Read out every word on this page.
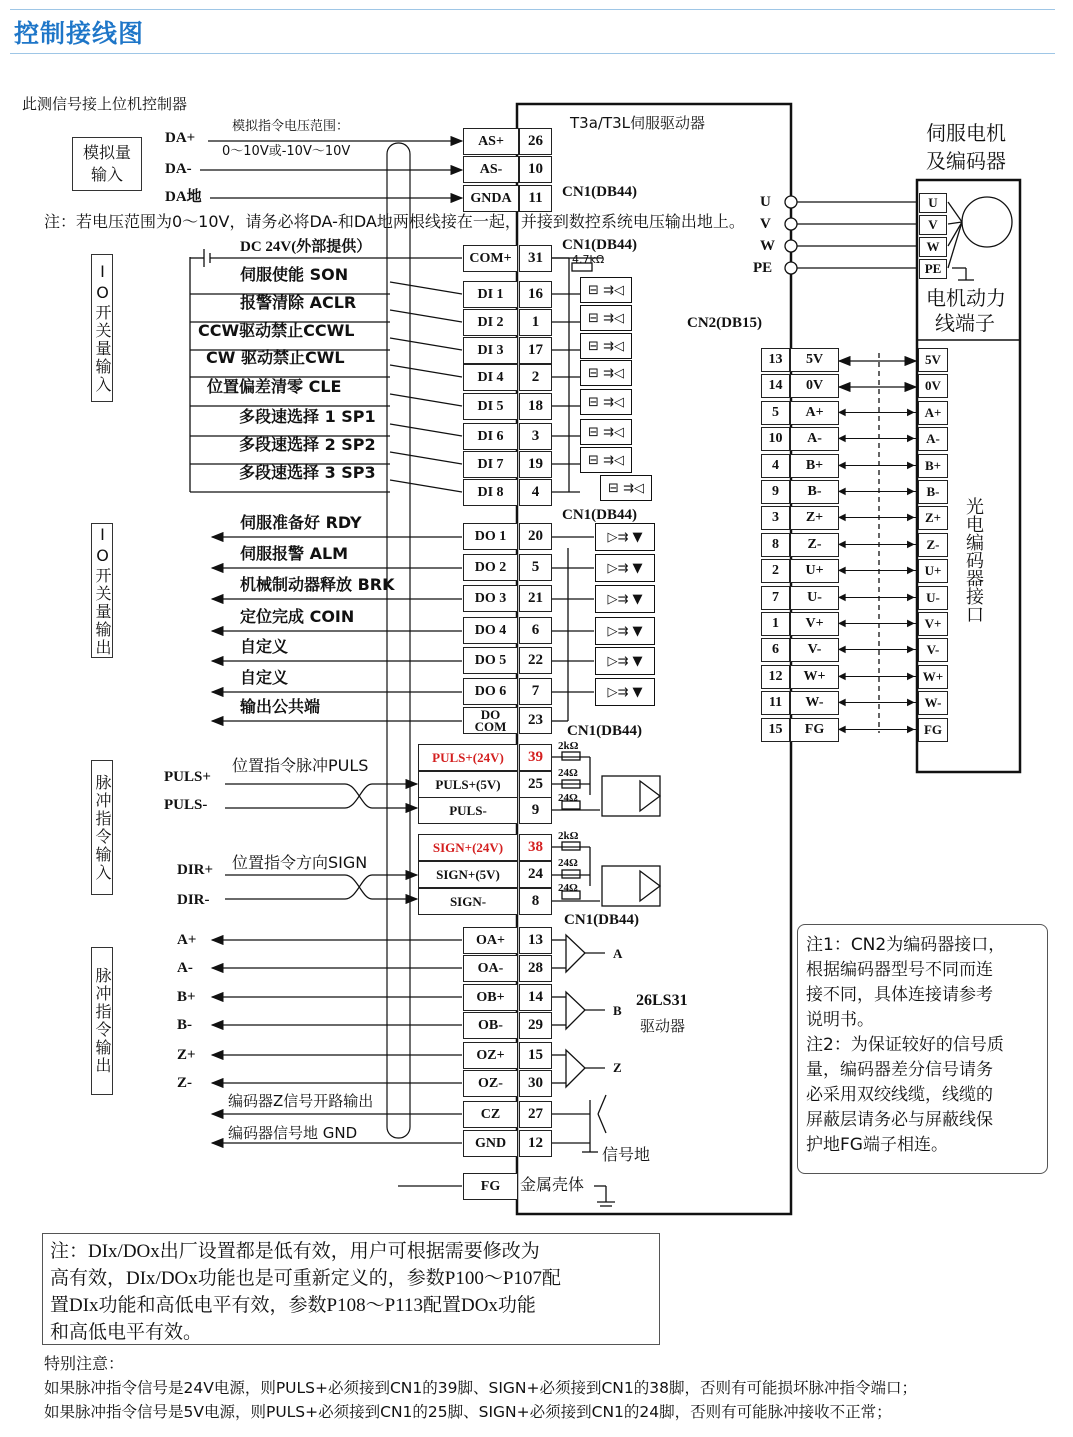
控制接线图
此测信号接上位机控制器
T3a/T3L伺服驱动器	伺服电机
及编码器
电机动力
线端子
U
V
W
PE
U
V
W
PE
模拟量输入
DA+
DA-
DA地
模拟指令电压范围：
0～10V或-10V～10V
CN1(DB44)
注：若电压范围为0～10V，请务必将DA-和DA地两根线接在一起，并接到数控系统电压输出地上。
AS+	26
AS-	10
GNDA	11
IO开关量输入
DC 24V(外部提供）	CN1(DB44)
4.7kΩ
COM+	31
伺服使能 SON
DI 1	16	⊟ ⇉◁
报警清除 ACLR
DI 2	1	⊟ ⇉◁
CCW驱动禁止CCWL
DI 3	17	⊟ ⇉◁
CW 驱动禁止CWL
DI 4	2	⊟ ⇉◁
位置偏差清零 CLE
DI 5	18	⊟ ⇉◁
多段速选择 1 SP1
DI 6	3	⊟ ⇉◁
多段速选择 2 SP2
DI 7	19	⊟ ⇉◁
多段速选择 3 SP3
DI 8	4	⊟ ⇉◁
IO开关量输出
CN1(DB44)
伺服准备好 RDY
DO 1	20	▷⇉ ▼
伺服报警 ALM
DO 2	5	▷⇉ ▼
机械制动器释放 BRK
DO 3	21	▷⇉ ▼
定位完成 COIN
DO 4	6	▷⇉ ▼
自定义
DO 5	22	▷⇉ ▼
自定义
DO 6	7	▷⇉ ▼
输出公共端	DO COM	23
脉冲指令输入
CN1(DB44)
位置指令脉冲PULS
PULS+
PULS-
位置指令方向SIGN
DIR+
DIR-
2kΩ
24Ω
24Ω
2kΩ
24Ω
24Ω
PULS+(24V)	39
PULS+(5V)	25
PULS-	9
SIGN+(24V)	38
SIGN+(5V)	24
SIGN-	8
脉冲指令输出
CN1(DB44)
A+
A-
B+
B-
Z+
Z-
OA+	13
OA-	28
OB+	14
OB-	29
OZ+	15
OZ-	30
CZ	27
GND	12
FG
A
B
Z
26LS31
驱动器
编码器Z信号开路输出
编码器信号地 GND
信号地
金属壳体
CN2(DB15)
13	5V	5V
14	0V	0V
5	A+	A+
◀	▶
10	A-	A-
◀	▶
4	B+	B+
◀	▶
9	B-	B-
◀	▶
3	Z+	Z+
◀	▶
8	Z-	Z-
◀	▶
2	U+	U+
◀	▶
7	U-	U-
◀	▶
1	V+	V+
◀	▶
6	V-	V-
◀	▶
12	W+	W+
◀	▶
11	W-	W-
◀	▶
15	FG	FG
◀	▶
光电编码器接口
注1：CN2为编码器接口，
根据编码器型号不同而连
接不同，具体连接请参考
说明书。
注2：为保证较好的信号质
量，编码器差分信号请务
必采用双绞线缆，线缆的
屏蔽层请务必与屏蔽线保
护地FG端子相连。
注：DIx/DOx出厂设置都是低有效，用户可根据需要修改为
高有效，DIx/DOx功能也是可重新定义的，参数P100～P107配
置DIx功能和高低电平有效，参数P108～P113配置DOx功能
和高低电平有效。
特别注意：
如果脉冲指令信号是24V电源，则PULS+必须接到CN1的39脚、SIGN+必须接到CN1的38脚，否则有可能损坏脉冲指令端口；
如果脉冲指令信号是5V电源，则PULS+必须接到CN1的25脚、SIGN+必须接到CN1的24脚，否则有可能脉冲接收不正常；
